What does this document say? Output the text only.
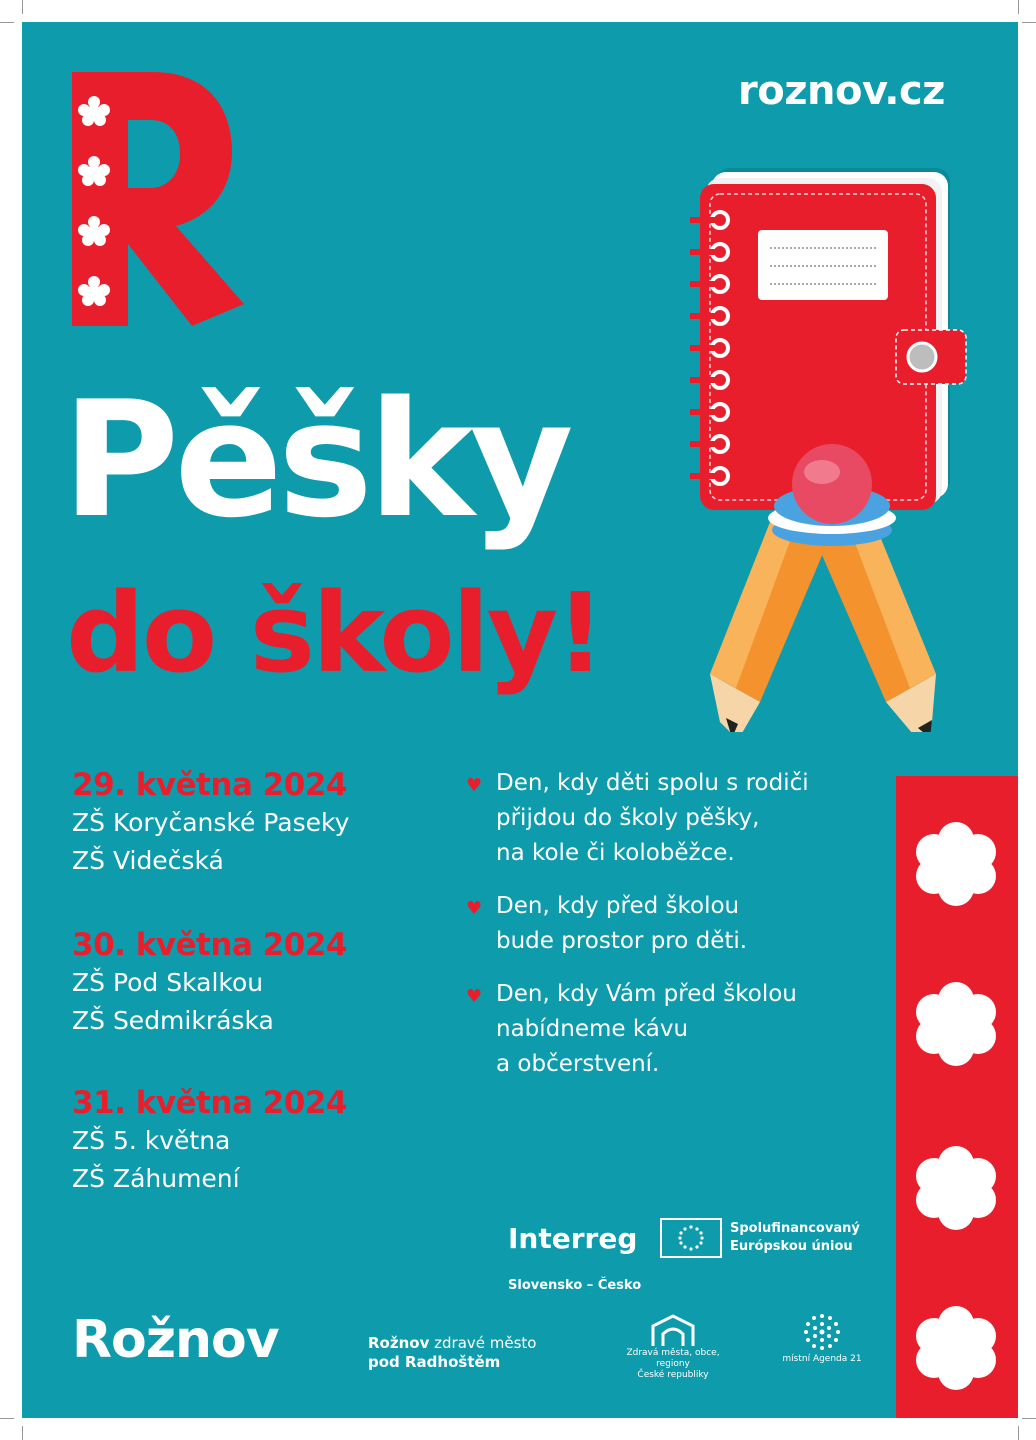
roznov.cz
Pěšky
do školy!
29. května 2024
ZŠ Koryčanské Paseky
ZŠ Videčská
30. května 2024
ZŠ Pod Skalkou
ZŠ Sedmikráska
31. května 2024
ZŠ 5. května
ZŠ Záhumení
♥ Den, kdy děti spolu s rodiči
přijdou do školy pěšky,
na kole či koloběžce.
♥ Den, kdy před školou
bude prostor pro děti.
♥ Den, kdy Vám před školou
nabídneme kávu
a občerstvení.
Interreg	Spolufinancovaný
Európskou úniou
Slovensko – Česko
Rožnov	Rožnov zdravé město
pod Radhoštěm	Zdravá města, obce, regiony
České republiky
místní Agenda 21
